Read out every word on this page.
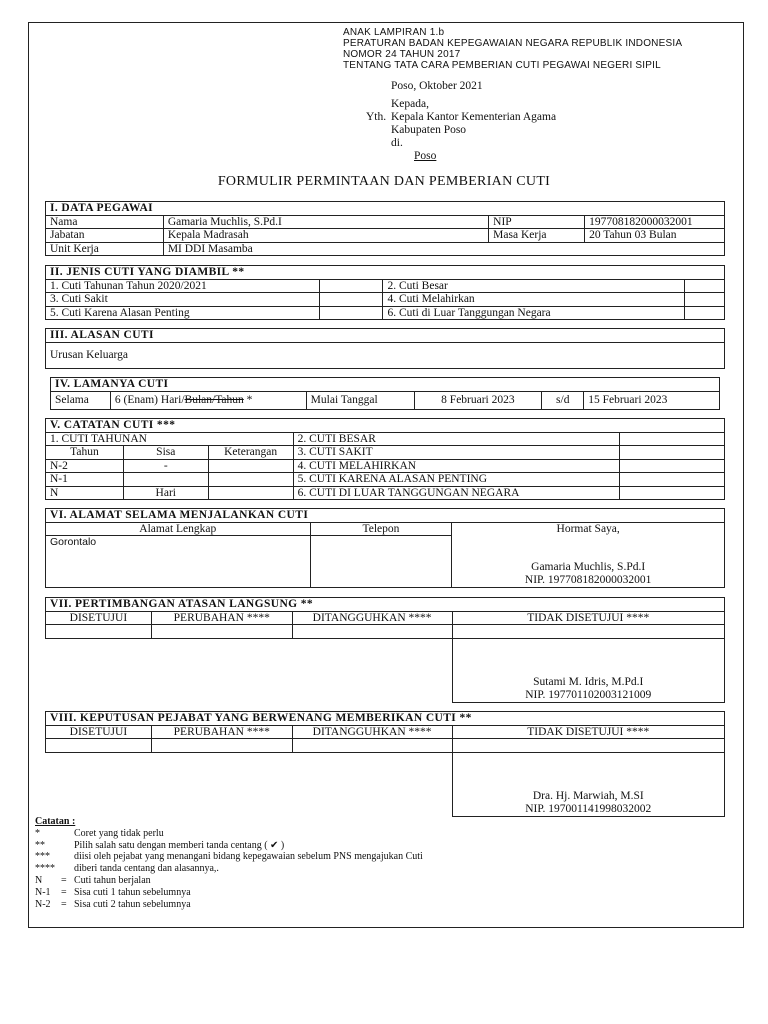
ANAK LAMPIRAN 1.b
PERATURAN BADAN KEPEGAWAIAN NEGARA REPUBLIK INDONESIA
NOMOR 24 TAHUN 2017
TENTANG TATA CARA PEMBERIAN CUTI PEGAWAI NEGERI SIPIL
Poso, Oktober 2021
Kepada,
Yth. Kepala Kantor Kementerian Agama
Kabupaten Poso
di.
Poso
FORMULIR PERMINTAAN DAN PEMBERIAN CUTI
I. DATA PEGAWAI			
Nama	Gamaria Muchlis, S.Pd.I	NIP	197708182000032001
Jabatan	Kepala Madrasah	Masa Kerja	20 Tahun 03 Bulan
Unit Kerja	MI DDI Masamba		
II. JENIS CUTI YANG DIAMBIL **			
1. Cuti Tahunan Tahun 2020/2021		2. Cuti Besar	
3. Cuti Sakit		4. Cuti Melahirkan	
5. Cuti Karena Alasan Penting		6. Cuti di Luar Tanggungan Negara	
III. ALASAN CUTI
Urusan Keluarga
IV. LAMANYA CUTI
Selama	6 (Enam) Hari/Bulan/Tahun *	Mulai Tanggal	8 Februari 2023	s/d	15 Februari 2023
V. CATATAN CUTI ***				
1. CUTI TAHUNAN			2. CUTI BESAR	
Tahun	Sisa	Keterangan	3. CUTI SAKIT	
N-2	-		4. CUTI MELAHIRKAN	
N-1			5. CUTI KARENA ALASAN PENTING	
N	Hari		6. CUTI DI LUAR TANGGUNGAN NEGARA	
VI. ALAMAT SELAMA MENJALANKAN CUTI		
Alamat Lengkap	Telepon	Hormat Saya,
Gamaria Muchlis, S.Pd.I
NIP. 197708182000032001

Gorontalo		
VII. PERTIMBANGAN ATASAN LANGSUNG **			
DISETUJUI	PERUBAHAN ****	DITANGGUHKAN ****	TIDAK DISETUJUI ****

			Sutami M. Idris, M.Pd.I
NIP. 197701102003121009
VIII. KEPUTUSAN PEJABAT YANG BERWENANG MEMBERIKAN CUTI **			
DISETUJUI	PERUBAHAN ****	DITANGGUHKAN ****	TIDAK DISETUJUI ****

			Dra. Hj. Marwiah, M.SI
NIP. 197001141998032002
Catatan :
*	Coret yang tidak perlu
**	Pilih salah satu dengan memberi tanda centang ( ✔ )
***	diisi oleh pejabat yang menangani bidang kepegawaian sebelum PNS mengajukan Cuti
****	diberi tanda centang dan alasannya,.
N	= Cuti tahun berjalan
N-1	= Sisa cuti 1 tahun sebelumnya
N-2	= Sisa cuti 2 tahun sebelumnya
